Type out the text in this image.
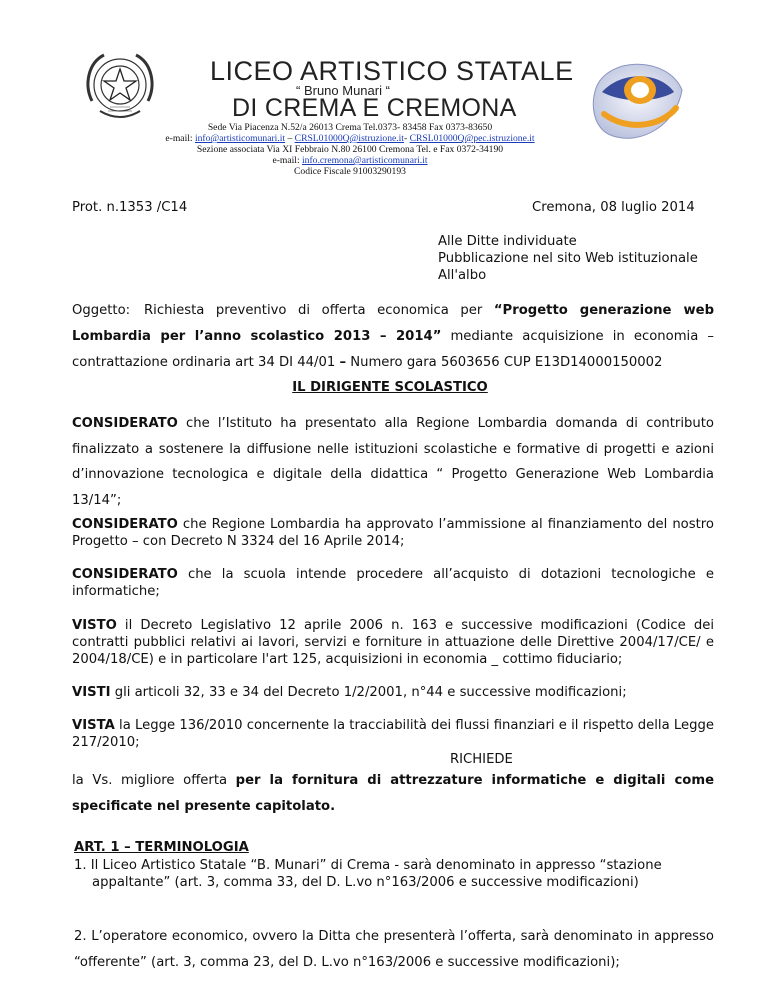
LICEO ARTISTICO STATALE
“ Bruno Munari “
DI CREMA E CREMONA
Sede Via Piacenza N.52/a 26013 Crema Tel.0373- 83458 Fax 0373-83650
e-mail: info@artisticomunari.it – CRSL01000Q@istruzione.it- CRSL01000Q@pec.istruzione.it
Sezione associata Via XI Febbraio N.80 26100 Cremona Tel. e Fax 0372-34190
e-mail: info.cremona@artisticomunari.it
Codice Fiscale 91003290193
Prot. n.1353 /C14	Cremona, 08 luglio 2014
Alle Ditte individuate
Pubblicazione nel sito Web istituzionale
All'albo
Oggetto: Richiesta preventivo di offerta economica per “Progetto generazione web
Lombardia per l’anno scolastico 2013 – 2014” mediante acquisizione in economia –
contrattazione ordinaria art 34 DI 44/01 – Numero gara 5603656 CUP E13D14000150002
IL DIRIGENTE SCOLASTICO
CONSIDERATO che l’Istituto ha presentato alla Regione Lombardia domanda di contributo finalizzato a sostenere la diffusione nelle istituzioni scolastiche e formative di progetti e azioni d’innovazione tecnologica e digitale della didattica “ Progetto Generazione Web Lombardia 13/14”;
CONSIDERATO che Regione Lombardia ha approvato l’ammissione al finanziamento del nostro Progetto – con Decreto N 3324 del 16 Aprile 2014;
CONSIDERATO che la scuola intende procedere all’acquisto di dotazioni tecnologiche e informatiche;
VISTO il Decreto Legislativo 12 aprile 2006 n. 163 e successive modificazioni (Codice dei contratti pubblici relativi ai lavori, servizi e forniture in attuazione delle Direttive 2004/17/CE/ e 2004/18/CE) e in particolare l'art 125, acquisizioni in economia _ cottimo fiduciario;
VISTI gli articoli 32, 33 e 34 del Decreto 1/2/2001, n°44 e successive modificazioni;
VISTA la Legge 136/2010 concernente la tracciabilità dei flussi finanziari e il rispetto della Legge 217/2010;
RICHIEDE
la Vs. migliore offerta per la fornitura di attrezzature informatiche e digitali come specificate nel presente capitolato.
ART. 1 – TERMINOLOGIA
1. Il Liceo Artistico Statale “B. Munari” di Crema - sarà denominato in appresso “stazione appaltante” (art. 3, comma 33, del D. L.vo n°163/2006 e successive modificazioni)
2. L’operatore economico, ovvero la Ditta che presenterà l’offerta, sarà denominato in appresso “offerente” (art. 3, comma 23, del D. L.vo n°163/2006 e successive modificazioni);
